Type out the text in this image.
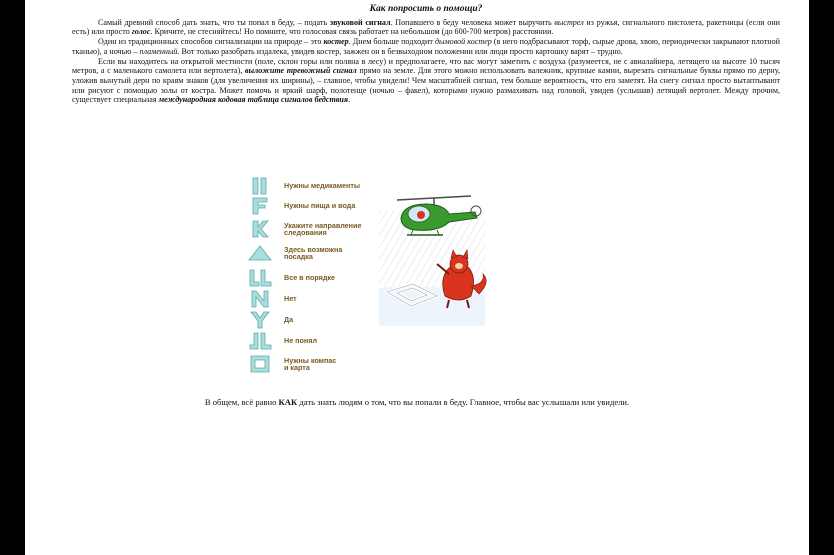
Как попросить о помощи?

Самый древний способ дать знать, что ты попал в беду, – подать звуковой сигнал. Попавшего в беду человека может выручить выстрел из ружья, сигнального пистолета, ракетницы (если они есть) или просто голос. Кричите, не стесняйтесь! Но помните, что голосовая связь работает на небольшом (до 600-700 метров) расстоянии.

Один из традиционных способов сигнализации на природе – это костер. Днем больше подходит дымовой костер (в него подбрасывают торф, сырые дрова, хвою, периодически закрывают плотной тканью), а ночью – пламенный. Вот только разобрать издалека, увидев костер, зажжен он в безвыходном положении или люди просто картошку варят – трудно.

Если вы находитесь на открытой местности (поле, склон горы или поляна в лесу) и предполагаете, что вас могут заметить с воздуха (разумеется, не с авиалайнера, летящего на высоте 10 тысяч метров, а с маленького самолета или вертолета), выложите тревожный сигнал прямо на земле. Для этого можно использовать валежник, крупные камни, вырезать сигнальные буквы прямо по дерну, уложив вынутый дерн по краям знаков (для увеличения их ширины), – главное, чтобы увидели! Чем масштабней сигнал, тем больше вероятность, что его заметят. На снегу сигнал просто вытаптывают или рисуют с помощью золы от костра. Может помочь и яркий шарф, полотенце (ночью – факел), которыми нужно размахивать над головой, увидев (услышав) летящий вертолет. Между прочим, существует специальная международная кодовая таблица сигналов бедствия.

Нужны медикаменты
Нужны пища и вода
Укажите направление
следования
Здесь возможна
посадка
Все в порядке
Нет
Да
Не понял
Нужны компас
и карта

В общем, всё равно КАК дать знать людям о том, что вы попали в беду. Главное, чтобы вас услышали или увидели.
